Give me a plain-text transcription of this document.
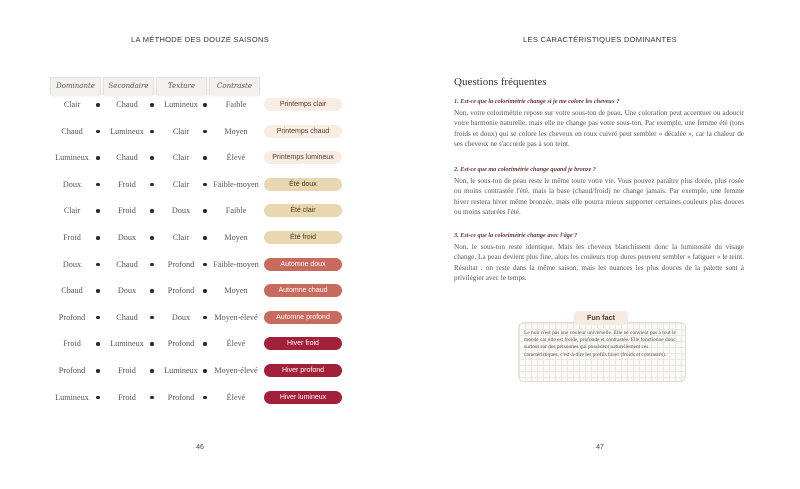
LA MÉTHODE DES DOUZE SAISONS
Dominante	Secondaire	Texture	Contraste
Clair	Chaud	Lumineux	Faible	Printemps clair
Chaud	Lumineux	Clair	Moyen	Printemps chaud
Lumineux	Chaud	Clair	Élevé	Printemps lumineux
Doux	Froid	Clair	Faible-moyen	Été doux
Clair	Froid	Doux	Faible	Été clair
Froid	Doux	Clair	Moyen	Été froid
Doux	Chaud	Profond	Faible-moyen	Automne doux
Chaud	Doux	Profond	Moyen	Automne chaud
Profond	Chaud	Doux	Moyen-élevé	Automne profond
Froid	Lumineux	Profond	Élevé	Hiver froid
Profond	Froid	Lumineux	Moyen-élevé	Hiver profond
Lumineux	Froid	Profond	Élevé	Hiver lumineux
46
LES CARACTÉRISTIQUES DOMINANTES
Questions fréquentes
1. Est-ce que la colorimétrie change si je me colore les cheveux ?
Non, votre colorimétrie repose sur votre sous-ton de peau. Une coloration peut accentuer ou adoucir votre harmonie naturelle, mais elle ne change pas votre sous-ton. Par exemple, une femme été (tons froids et doux) qui se colore les cheveux en roux cuivré peut sembler « décalée », car la chaleur de ses cheveux ne s'accorde pas à son teint.
2. Est-ce que ma colorimétrie change quand je bronze ?
Non, le sous-ton de peau reste le même toute votre vie. Vous pouvez paraître plus dorée, plus rosée ou moins contrastée l'été, mais la base (chaud/froid) ne change jamais. Par exemple, une femme hiver restera hiver même bronzée, mais elle pourra mieux supporter certaines couleurs plus douces ou moins saturées l'été.
3. Est-ce que la colorimétrie change avec l'âge ?
Non, le sous-ton reste identique. Mais les cheveux blanchissent donc la luminosité du visage change. La peau devient plus fine, alors les couleurs trop dures peuvent sembler « fatiguer » le teint. Résultat : on reste dans la même saison, mais les nuances les plus douces de la palette sont à privilégier avec le temps.
Fun fact
Le noir n'est pas une couleur universelle. Elle ne convient pas à tout le monde car elle est froide, profonde et contrastée. Elle fonctionne donc surtout sur des personnes qui possèdent naturellement ces caractéristiques, c'est-à-dire les profils hiver (froids et contrastés).
47
